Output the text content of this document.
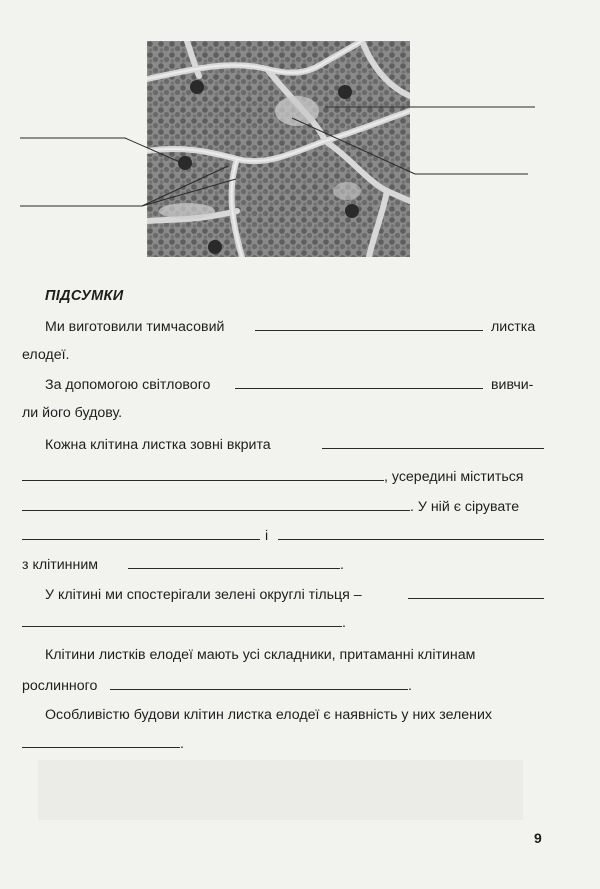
ПІДСУМКИ
Ми виготовили тимчасовий	листка
елодеї.
За допомогою світлового	вивчи-
ли його будову.
Кожна клітина листка зовні вкрита
, усередині міститься
. У ній є сірувате
і
з клітинним	.
У клітині ми спостерігали зелені округлі тільця –
.
Клітини листків елодеї мають усі складники, притаманні клітинам
рослинного	.
Особливістю будови клітин листка елодеї є наявність у них зелених
.
9
